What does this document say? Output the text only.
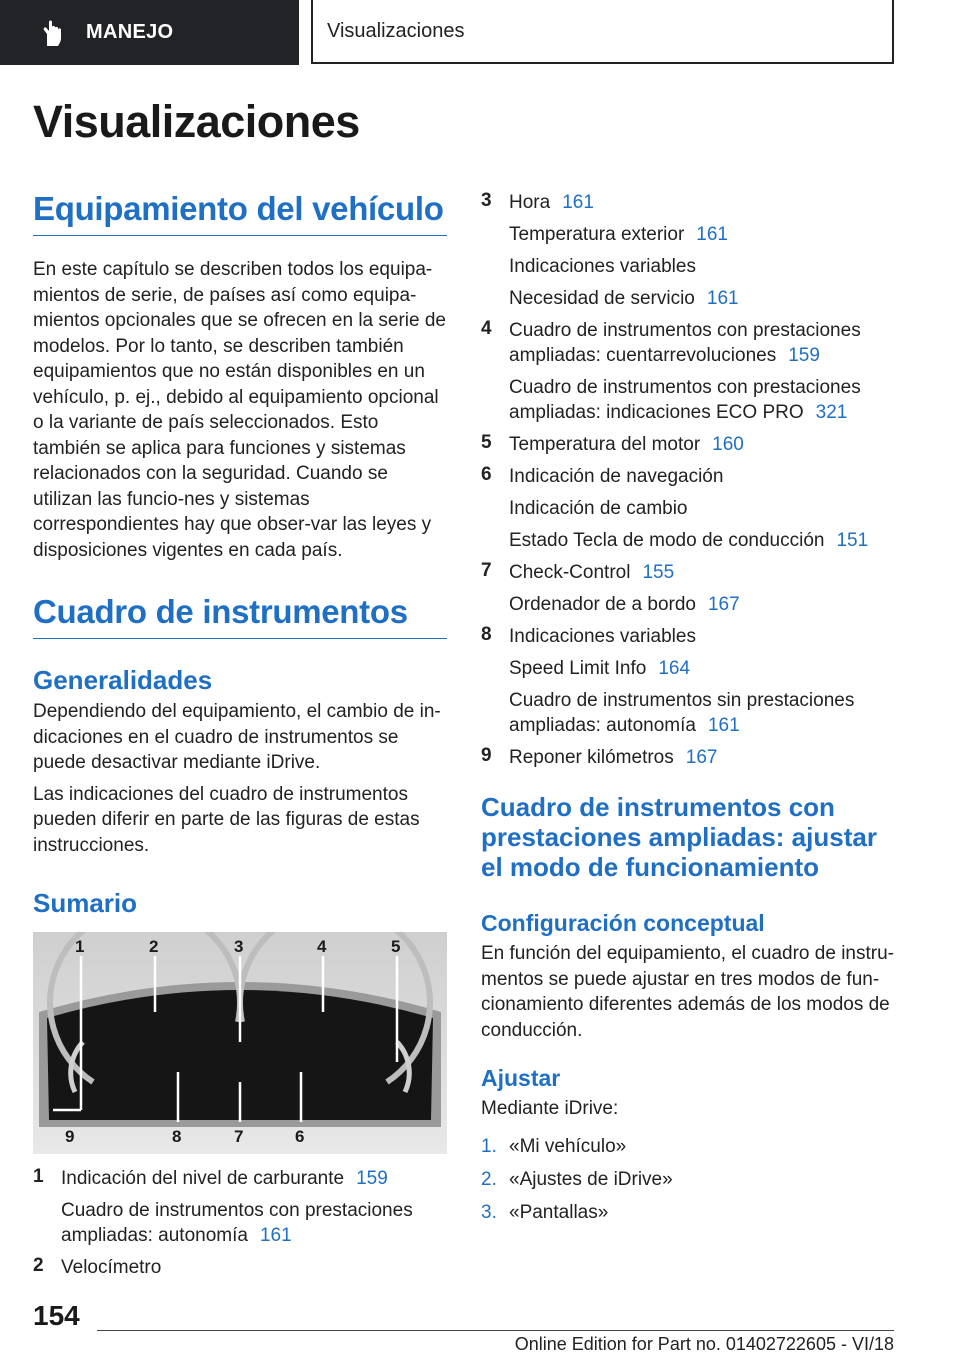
MANEJO	Visualizaciones
Visualizaciones
Equipamiento del vehículo

En este capítulo se describen todos los equipa-mientos de serie, de países así como equipa-mientos opcionales que se ofrecen en la serie de modelos. Por lo tanto, se describen también equipamientos que no están disponibles en un vehículo, p. ej., debido al equipamiento opcional o la variante de país seleccionados. Esto también se aplica para funciones y sistemas relacionados con la seguridad. Cuando se utilizan las funcio-nes y sistemas correspondientes hay que obser-var las leyes y disposiciones vigentes en cada país.

Cuadro de instrumentos
Generalidades

Dependiendo del equipamiento, el cambio de in-dicaciones en el cuadro de instrumentos se puede desactivar mediante iDrive.

Las indicaciones del cuadro de instrumentos pueden diferir en parte de las figuras de estas instrucciones.

Sumario
1	2	3	4	5
6
7
8
9
1 Indicación del nivel de carburante 159
Cuadro de instrumentos con prestaciones ampliadas: autonomía 161
2 Velocímetro
3 Hora 161
Temperatura exterior 161
Indicaciones variables
Necesidad de servicio 161
4 Cuadro de instrumentos con prestaciones ampliadas: cuentarrevoluciones 159
Cuadro de instrumentos con prestaciones ampliadas: indicaciones ECO PRO 321
5 Temperatura del motor 160
6 Indicación de navegación
Indicación de cambio
Estado Tecla de modo de conducción 151
7 Check-Control 155
Ordenador de a bordo 167
8 Indicaciones variables
Speed Limit Info 164
Cuadro de instrumentos sin prestaciones ampliadas: autonomía 161
9 Reponer kilómetros 167
Cuadro de instrumentos con prestaciones ampliadas: ajustar el modo de funcionamiento
Configuración conceptual

En función del equipamiento, el cuadro de instru-mentos se puede ajustar en tres modos de fun-cionamiento diferentes además de los modos de conducción.

Ajustar

Mediante iDrive:

1. «Mi vehículo»
2. «Ajustes de iDrive»
3. «Pantallas»
154
Online Edition for Part no. 01402722605 - VI/18
